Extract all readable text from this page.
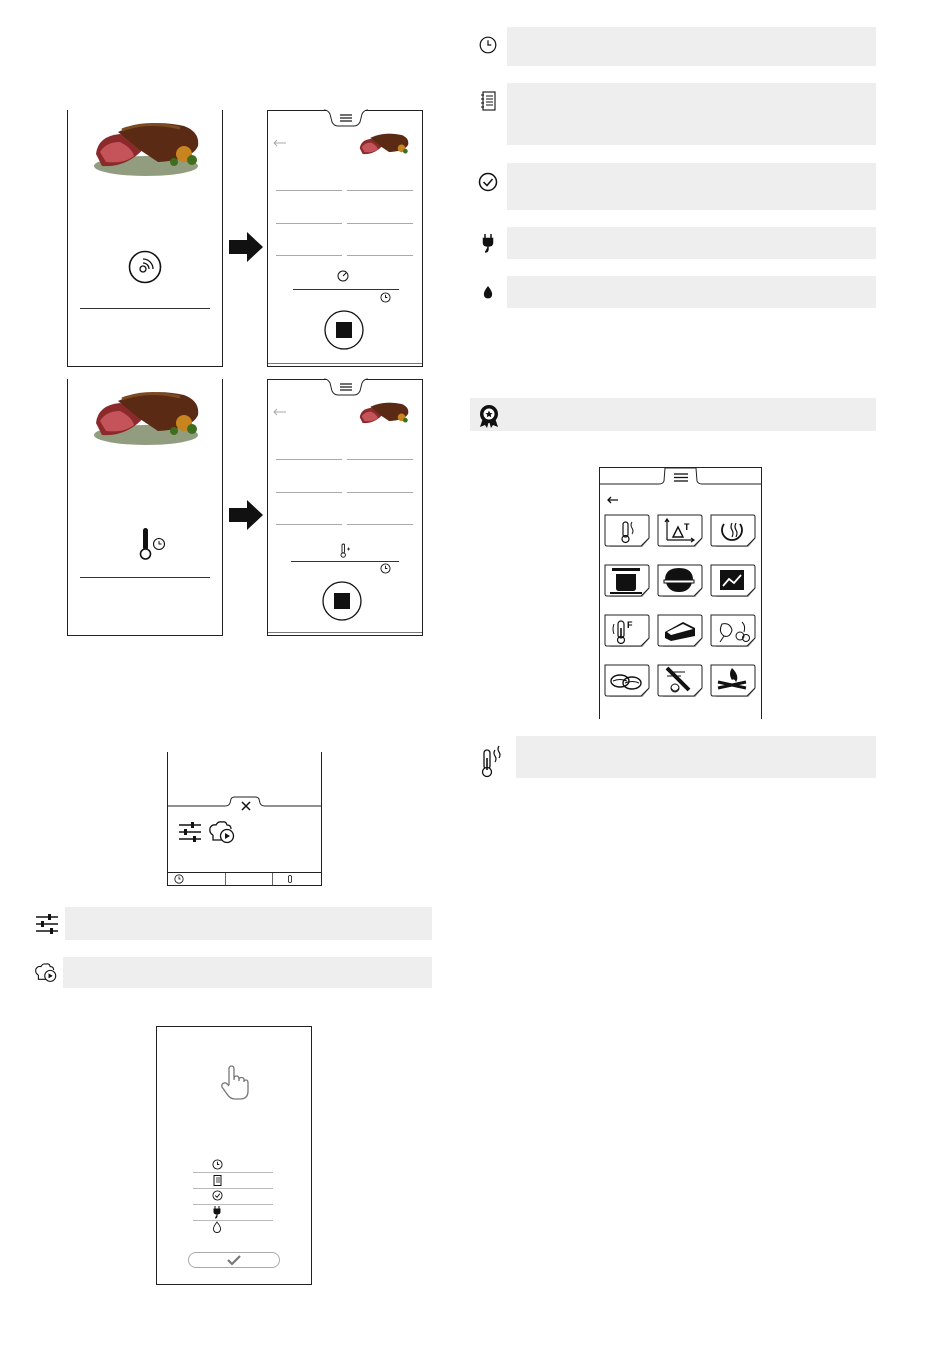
T
F
